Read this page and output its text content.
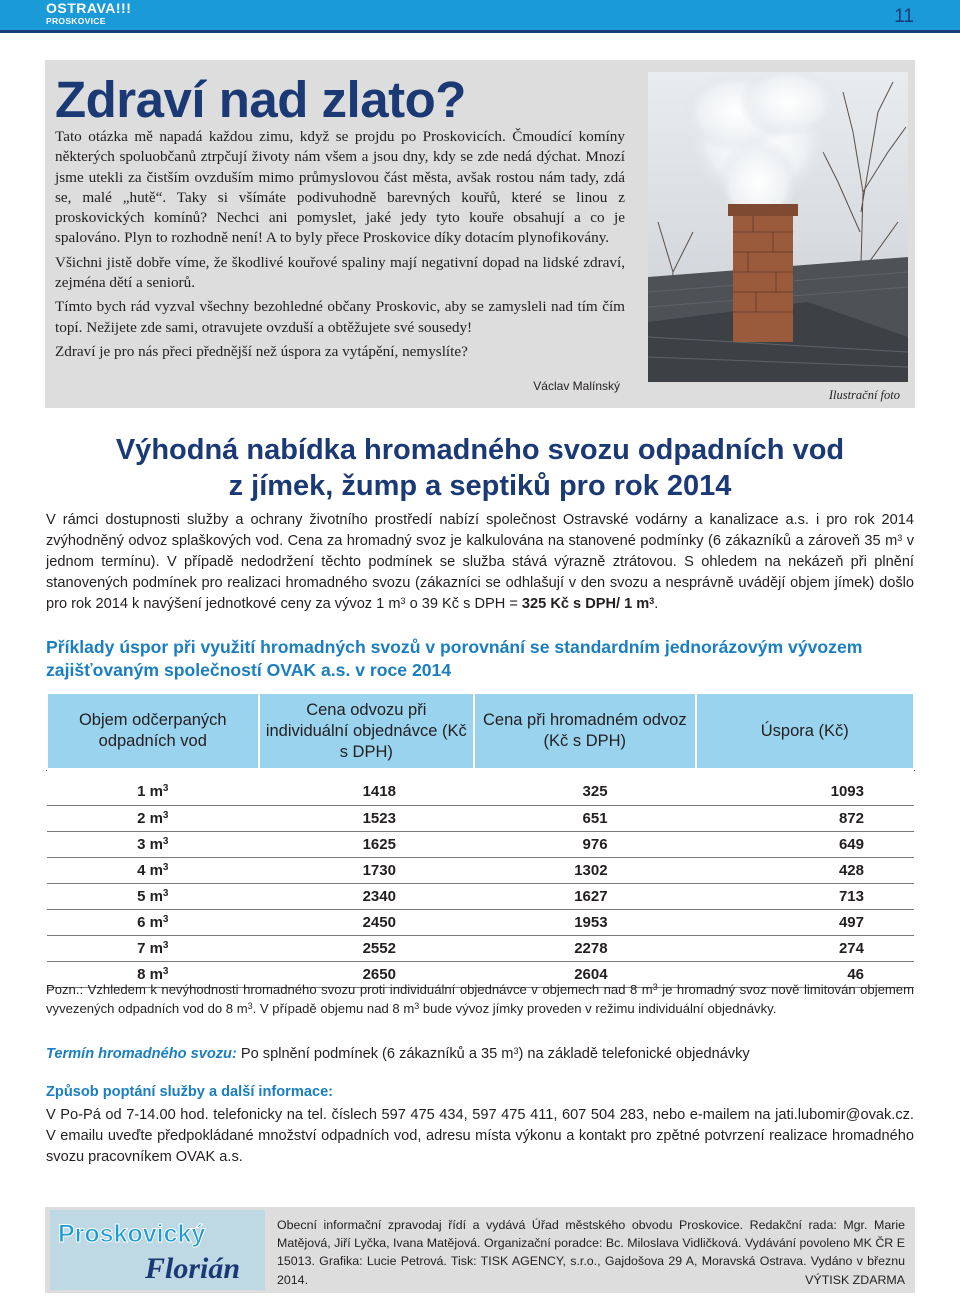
OSTRAVA!!!
PROSKOVICE	11
Zdraví nad zlato?

Tato otázka mě napadá každou zimu, když se projdu po Proskovicích. Čmoudící komíny některých spoluobčanů ztrpčují životy nám všem a jsou dny, kdy se zde nedá dýchat. Mnozí jsme utekli za čistším ovzduším mimo průmyslovou část města, avšak rostou nám tady, zdá se, malé „hutě“. Taky si všímáte podivuhodně barevných kouřů, které se linou z proskovických komínů? Nechci ani pomyslet, jaké jedy tyto kouře obsahují a co je spalováno. Plyn to rozhodně není! A to byly přece Proskovice díky dotacím plynofikovány.

Všichni jistě dobře víme, že škodlivé kouřové spaliny mají negativní dopad na lidské zdraví, zejména dětí a seniorů.

Tímto bych rád vyzval všechny bezohledné občany Proskovic, aby se zamysleli nad tím čím topí. Nežijete zde sami, otravujete ovzduší a obtěžujete své sousedy!

Zdraví je pro nás přeci přednější než úspora za vytápění, nemyslíte?

Václav Malínský
Ilustrační foto
Výhodná nabídka hromadného svozu odpadních vod
z jímek, žump a septiků pro rok 2014
V rámci dostupnosti služby a ochrany životního prostředí nabízí společnost Ostravské vodárny a kanalizace a.s. i pro rok 2014 zvýhodněný odvoz splaškových vod. Cena za hromadný svoz je kalkulována na stanovené podmínky (6 zákazníků a zároveň 35 $m^3$ v jednom termínu). V případě nedodržení těchto podmínek se služba stává výrazně ztrátovou. S ohledem na nekázeň při plnění stanovených podmínek pro realizaci hromadného svozu (zákazníci se odhlašují v den svozu a nesprávně uvádějí objem jímek) došlo pro rok 2014 k navýšení jednotkové ceny za vývoz 1 $m^3$ o 39 Kč s DPH = 325 Kč s DPH/ 1 $m^3$.
Příklady úspor při využití hromadných svozů v porovnání se standardním jednorázovým vývozem zajišťovaným společností OVAK a.s. v roce 2014
Objem odčerpaných odpadních vod	Cena odvozu při individuální objednávce (Kč s DPH)	Cena při hromadném odvoz (Kč s DPH)	Úspora (Kč)

1 $m^3$	1418	325	1093
2 $m^3$	1523	651	872
3 $m^3$	1625	976	649
4 $m^3$	1730	1302	428
5 $m^3$	2340	1627	713
6 $m^3$	2450	1953	497
7 $m^3$	2552	2278	274
8 $m^3$	2650	2604	46
Pozn.: Vzhledem k nevýhodnosti hromadného svozu proti individuální objednávce v objemech nad 8 $m^3$ je hromadný svoz nově limitován objemem vyvezených odpadních vod do 8 $m^3$. V případě objemu nad 8 $m^3$ bude vývoz jímky proveden v režimu individuální objednávky.
Termín hromadného svozu: Po splnění podmínek (6 zákazníků a 35 $m^3$) na základě telefonické objednávky
Způsob poptání služby a další informace:
V Po-Pá od 7-14.00 hod. telefonicky na tel. číslech 597 475 434, 597 475 411, 607 504 283, nebo e-mailem na jati.lubomir@ovak.cz. V emailu uveďte předpokládané množství odpadních vod, adresu místa výkonu a kontakt pro zpětné potvrzení realizace hromadného svozu pracovníkem OVAK a.s.
Proskovický
Florián
Obecní informační zpravodaj řídí a vydává Úřad městského obvodu Proskovice. Redakční rada: Mgr. Marie Matějová, Jiří Lyčka, Ivana Matějová. Organizační poradce: Bc. Miloslava Vidličková. Vydávání povoleno MK ČR E 15013. Grafika: Lucie Petrová. Tisk: TISK AGENCY, s.r.o., Gajdošova 29 A, Moravská Ostrava. Vydáno v březnu 2014.	VÝTISK ZDARMA
